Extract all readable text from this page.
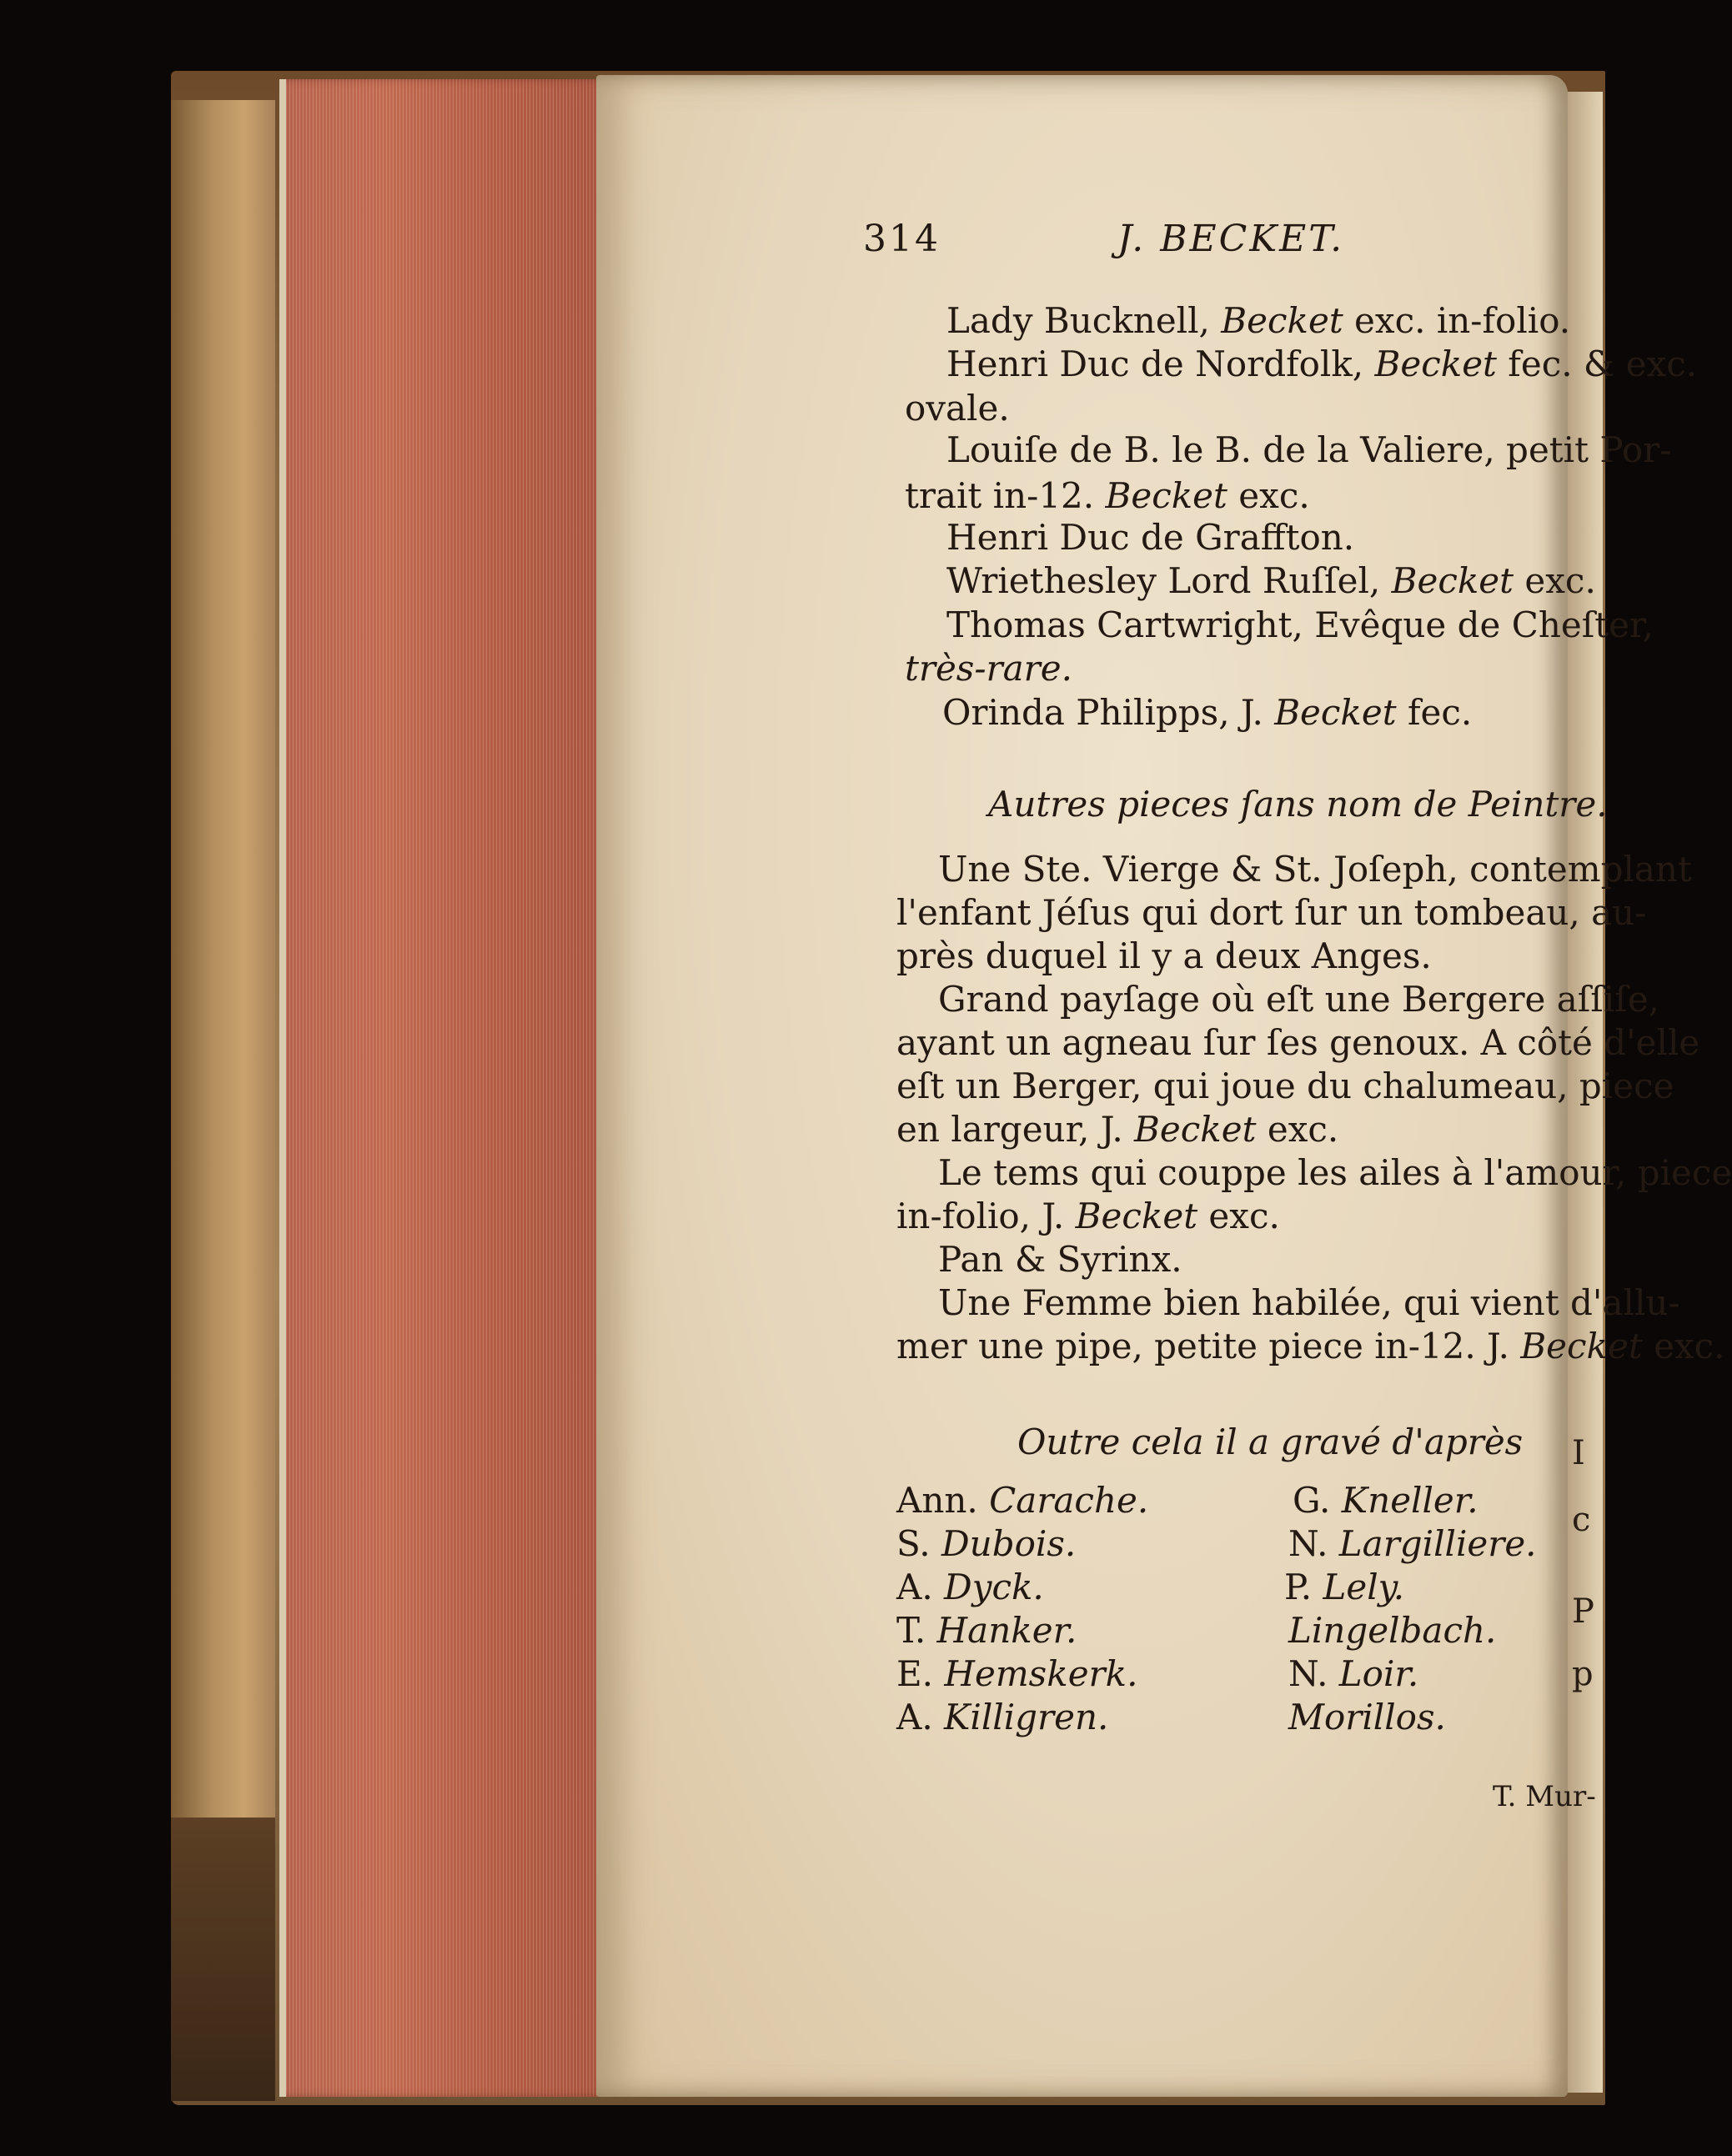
314	J. BECKET.
Lady Bucknell, Becket exc. in-folio.
Henri Duc de Nordfolk, Becket fec. & exc.
ovale.
Louiſe de B. le B. de la Valiere, petit Por-
trait in-12. Becket exc.
Henri Duc de Graffton.
Wriethesley Lord Ruſſel, Becket exc.
Thomas Cartwright, Evêque de Cheſter,
très-rare.
Orinda Philipps, J. Becket fec.
Autres pieces ſans nom de Peintre.
Une Ste. Vierge & St. Joſeph, contemplant
l'enfant Jéſus qui dort ſur un tombeau, au-
près duquel il y a deux Anges.
Grand payſage où eſt une Bergere aſſiſe,
ayant un agneau ſur ſes genoux. A côté d'elle
eſt un Berger, qui joue du chalumeau, piece
en largeur, J. Becket exc.
Le tems qui couppe les ailes à l'amour, piece
in-folio, J. Becket exc.
Pan & Syrinx.
Une Femme bien habilée, qui vient d'allu-
mer une pipe, petite piece in-12. J. Becket exc.
Outre cela il a gravé d'après
Ann. Carache.
S. Dubois.
A. Dyck.
T. Hanker.
E. Hemskerk.
A. Killigren.
G. Kneller.
N. Largilliere.
P. Lely.
Lingelbach.
N. Loir.
Morillos.
T. Mur-
I
c
P
p
